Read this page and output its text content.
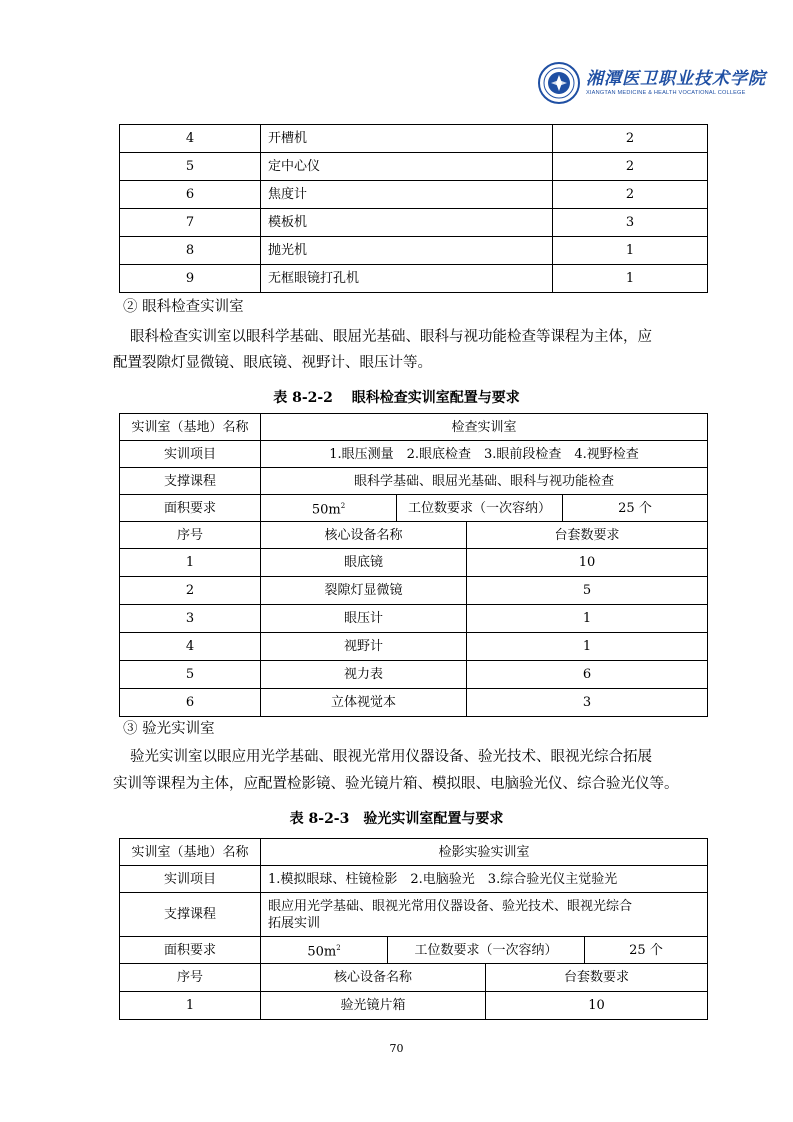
湘潭医卫职业技术学院
XIANGTAN MEDICINE & HEALTH VOCATIONAL COLLEGE
4	开槽机	2
5	定中心仪	2
6	焦度计	2
7	模板机	3
8	抛光机	1
9	无框眼镜打孔机	1
② 眼科检查实训室
眼科检查实训室以眼科学基础、眼屈光基础、眼科与视功能检查等课程为主体，应
配置裂隙灯显微镜、眼底镜、视野计、眼压计等。
表 8-2-2　 眼科检查实训室配置与要求
实训室（基地）名称	检查实训室			
实训项目	1.眼压测量　2.眼底检查　3.眼前段检查　4.视野检查			
支撑课程	眼科学基础、眼屈光基础、眼科与视功能检查			
面积要求	$50m^2$	工位数要求（一次容纳）		25 个
序号	核心设备名称		台套数要求	
1	眼底镜		10	
2	裂隙灯显微镜		5	
3	眼压计		1	
4	视野计		1	
5	视力表		6	
6	立体视觉本		3	
③ 验光实训室
验光实训室以眼应用光学基础、眼视光常用仪器设备、验光技术、眼视光综合拓展
实训等课程为主体，应配置检影镜、验光镜片箱、模拟眼、电脑验光仪、综合验光仪等。
表 8-2-3　验光实训室配置与要求
实训室（基地）名称	检影实验实训室			
实训项目	1.模拟眼球、柱镜检影　2.电脑验光　3.综合验光仪主觉验光			
支撑课程	眼应用光学基础、眼视光常用仪器设备、验光技术、眼视光综合
拓展实训			

面积要求	$50m^2$	工位数要求（一次容纳）		25 个
序号	核心设备名称		台套数要求	
1	验光镜片箱		10	
70
